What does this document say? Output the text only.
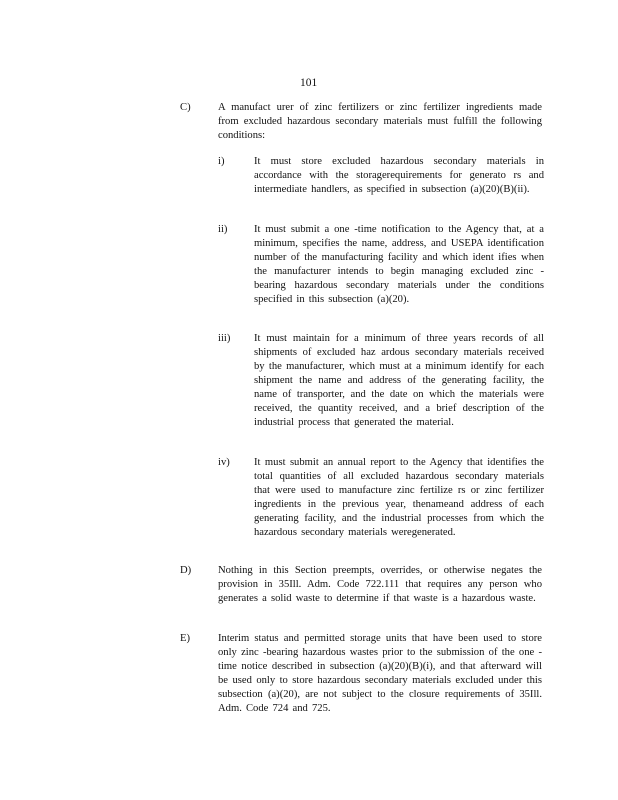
101
C)	A manufact urer of zinc fertilizers or zinc fertilizer ingredients made from excluded hazardous secondary materials must fulfill the following conditions:
i)	It must store excluded hazardous secondary materials in accordance with the storagerequirements for generato rs and intermediate handlers, as specified in subsection (a)(20)(B)(ii).
ii)	It must submit a one -time notification to the Agency that, at a minimum, specifies the name, address, and USEPA identification number of the manufacturing facility and which ident ifies when the manufacturer intends to begin managing excluded zinc -bearing hazardous secondary materials under the conditions specified in this subsection (a)(20).
iii) It must maintain for a minimum of three years records of all shipments of excluded haz ardous secondary materials received by the manufacturer, which must at a minimum identify for each shipment the name and address of the generating facility, the name of transporter, and the date on which the materials were received, the quantity received, and a brief description of the industrial process that generated the material.
iv) It must submit an annual report to the Agency that identifies the total quantities of all excluded hazardous secondary materials that were used to manufacture zinc fertilize rs or zinc fertilizer ingredients in the previous year, thenameand address of each generating facility, and the industrial processes from which the hazardous secondary materials weregenerated.
D)	Nothing in this Section preempts, overrides, or otherwise negates the provision in 35Ill. Adm. Code 722.111 that requires any person who generates a solid waste to determine if that waste is a hazardous waste.
E)	Interim status and permitted storage units that have been used to store only zinc -bearing hazardous wastes prior to the submission of the one -time notice described in subsection (a)(20)(B)(i), and that afterward will be used only to store hazardous secondary materials excluded under this subsection (a)(20), are not subject to the closure requirements of 35Ill. Adm. Code 724 and 725.
